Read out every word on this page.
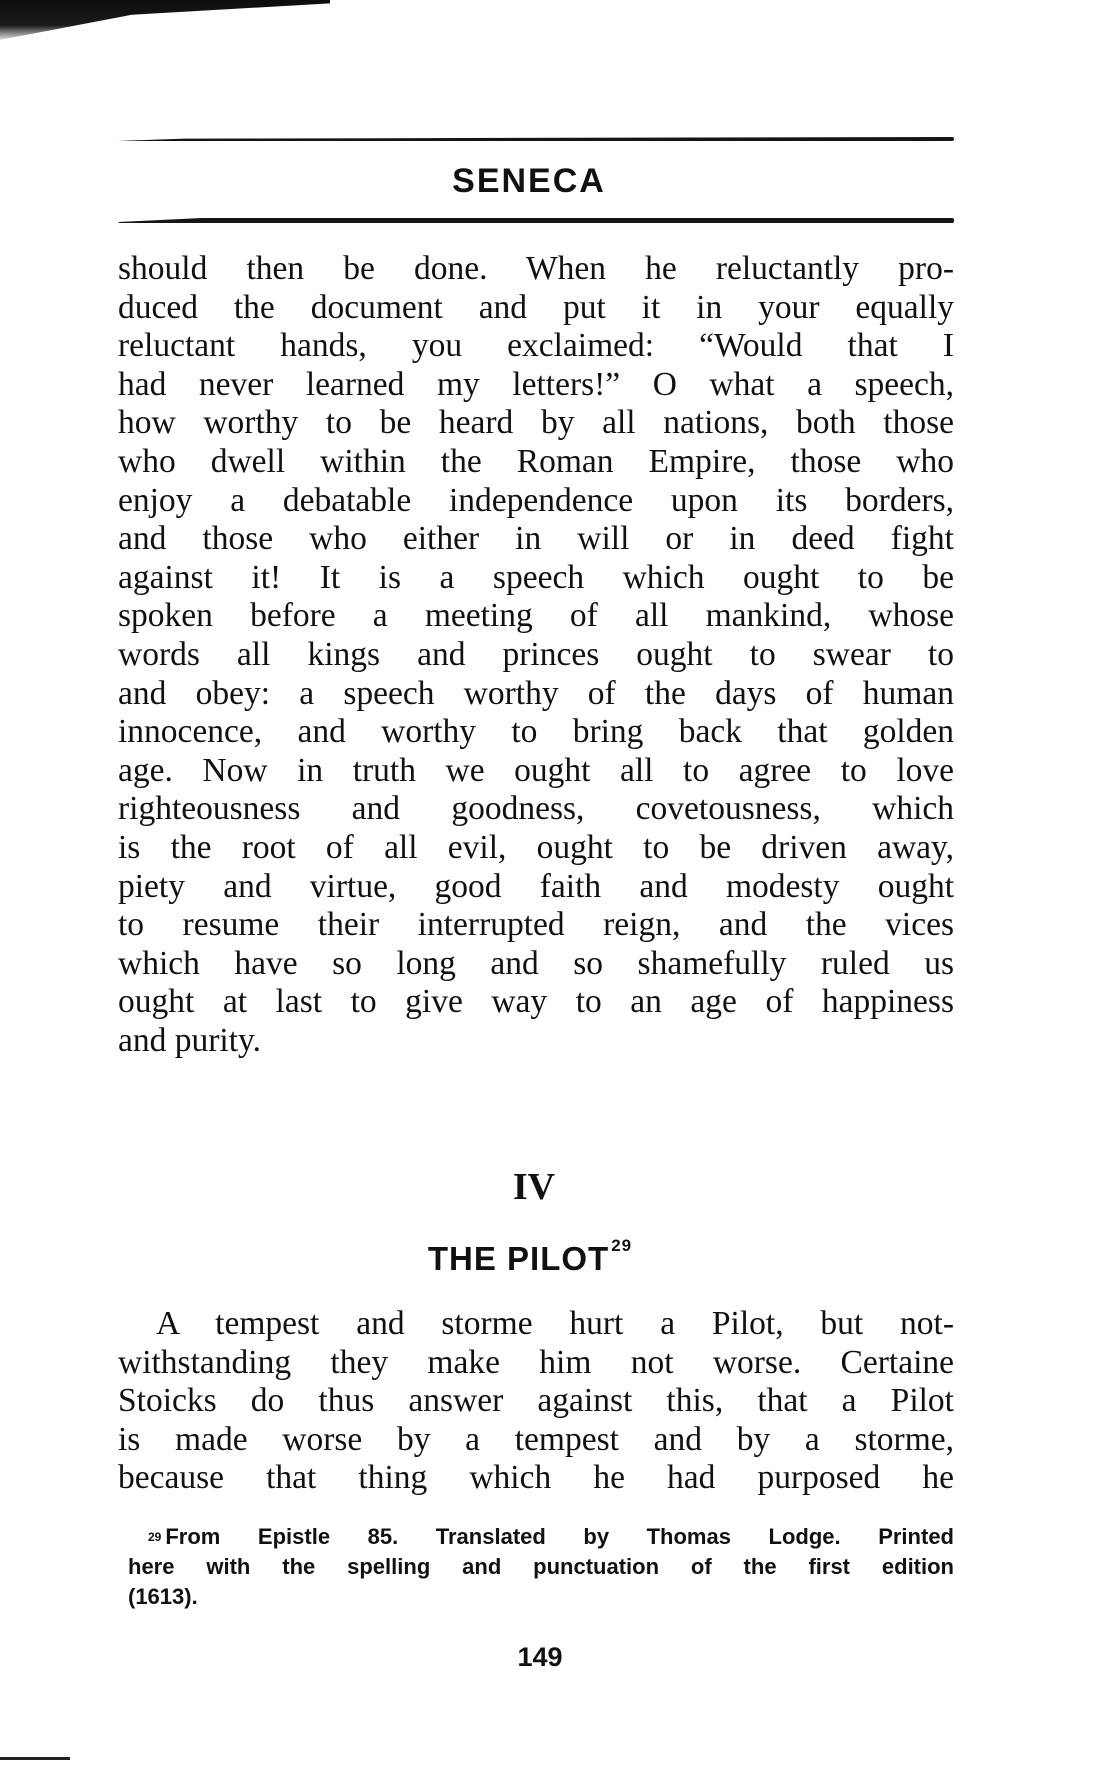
SENECA
should then be done. When he reluctantly pro-
duced the document and put it in your equally
reluctant hands, you exclaimed: “Would that I
had never learned my letters!” O what a speech,
how worthy to be heard by all nations, both those
who dwell within the Roman Empire, those who
enjoy a debatable independence upon its borders,
and those who either in will or in deed fight
against it! It is a speech which ought to be
spoken before a meeting of all mankind, whose
words all kings and princes ought to swear to
and obey: a speech worthy of the days of human
innocence, and worthy to bring back that golden
age. Now in truth we ought all to agree to love
righteousness and goodness, covetousness, which
is the root of all evil, ought to be driven away,
piety and virtue, good faith and modesty ought
to resume their interrupted reign, and the vices
which have so long and so shamefully ruled us
ought at last to give way to an age of happiness
and purity.
IV
THE PILOT $^{29}$
A tempest and storme hurt a Pilot, but not-
withstanding they make him not worse. Certaine
Stoicks do thus answer against this, that a Pilot
is made worse by a tempest and by a storme,
because that thing which he had purposed he
$^{29}$ From Epistle 85. Translated by Thomas Lodge. Printed
here with the spelling and punctuation of the first edition
(1613).
149
